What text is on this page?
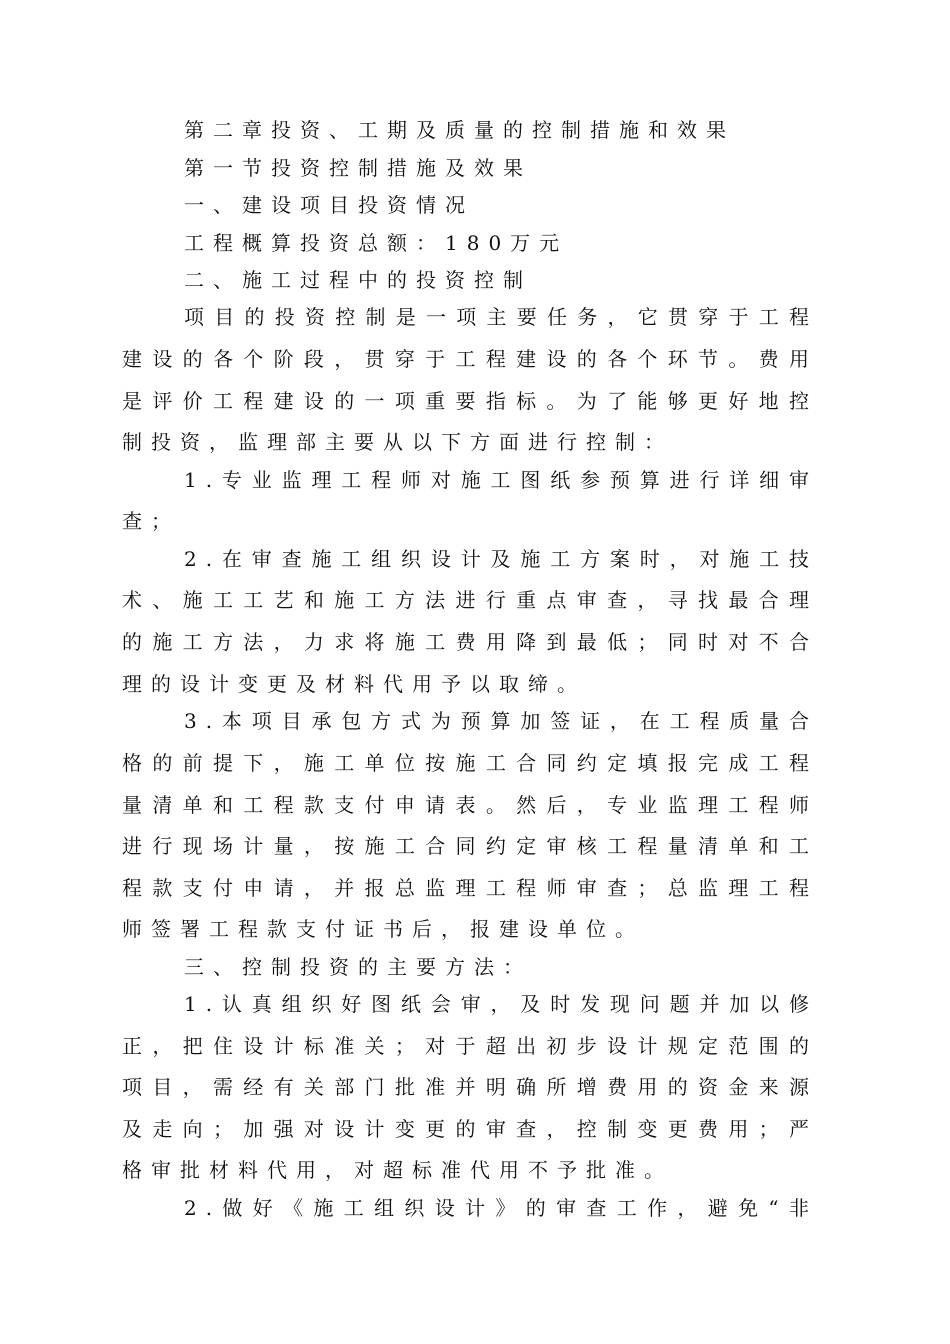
第二章投资、工期及质量的控制措施和效果
第一节投资控制措施及效果
一、建设项目投资情况
工程概算投资总额：180万元
二、施工过程中的投资控制
项目的投资控制是一项主要任务，它贯穿于工程
建设的各个阶段，贯穿于工程建设的各个环节。费用
是评价工程建设的一项重要指标。为了能够更好地控
制投资，监理部主要从以下方面进行控制：
1.专业监理工程师对施工图纸参预算进行详细审
查；
2.在审查施工组织设计及施工方案时，对施工技
术、施工工艺和施工方法进行重点审查，寻找最合理
的施工方法，力求将施工费用降到最低；同时对不合
理的设计变更及材料代用予以取缔。
3.本项目承包方式为预算加签证，在工程质量合
格的前提下，施工单位按施工合同约定填报完成工程
量清单和工程款支付申请表。然后，专业监理工程师
进行现场计量，按施工合同约定审核工程量清单和工
程款支付申请，并报总监理工程师审查；总监理工程
师签署工程款支付证书后，报建设单位。
三、控制投资的主要方法：
1.认真组织好图纸会审，及时发现问题并加以修
正，把住设计标准关；对于超出初步设计规定范围的
项目，需经有关部门批准并明确所增费用的资金来源
及走向；加强对设计变更的审查，控制变更费用；严
格审批材料代用，对超标准代用不予批准。
2.做好《施工组织设计》的审查工作，避免“非
